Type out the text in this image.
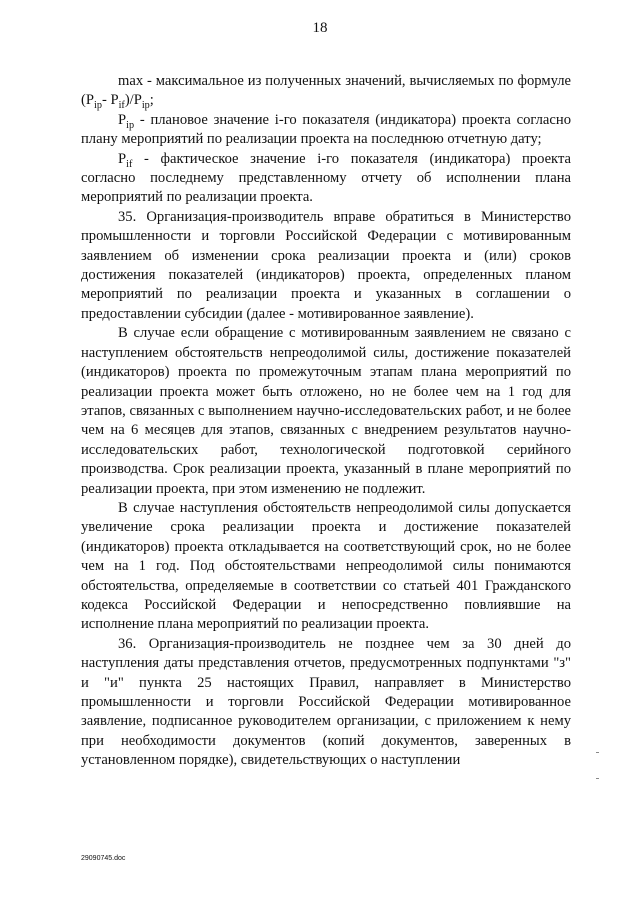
18

max - максимальное из полученных значений, вычисляемых по формуле ($P_{ip}-$ $P_{if})/P_{ip}$;

$P_{ip}$ - плановое значение i-го показателя (индикатора) проекта согласно плану мероприятий по реализации проекта на последнюю отчетную дату;

$P_{if}$ - фактическое значение i-го показателя (индикатора) проекта согласно последнему представленному отчету об исполнении плана мероприятий по реализации проекта.

35. Организация-производитель вправе обратиться в Министерство промышленности и торговли Российской Федерации с мотивированным заявлением об изменении срока реализации проекта и (или) сроков достижения показателей (индикаторов) проекта, определенных планом мероприятий по реализации проекта и указанных в соглашении о предоставлении субсидии (далее - мотивированное заявление).

В случае если обращение с мотивированным заявлением не связано с наступлением обстоятельств непреодолимой силы, достижение показателей (индикаторов) проекта по промежуточным этапам плана мероприятий по реализации проекта может быть отложено, но не более чем на 1 год для этапов, связанных с выполнением научно-исследовательских работ, и не более чем на 6 месяцев для этапов, связанных с внедрением результатов научно-исследовательских работ, технологической подготовкой серийного производства. Срок реализации проекта, указанный в плане мероприятий по реализации проекта, при этом изменению не подлежит.

В случае наступления обстоятельств непреодолимой силы допускается увеличение срока реализации проекта и достижение показателей (индикаторов) проекта откладывается на соответствующий срок, но не более чем на 1 год. Под обстоятельствами непреодолимой силы понимаются обстоятельства, определяемые в соответствии со статьей 401 Гражданского кодекса Российской Федерации и непосредственно повлиявшие на исполнение плана мероприятий по реализации проекта.

36. Организация-производитель не позднее чем за 30 дней до наступления даты представления отчетов, предусмотренных подпунктами "з" и "и" пункта 25 настоящих Правил, направляет в Министерство промышленности и торговли Российской Федерации мотивированное заявление, подписанное руководителем организации, с приложением к нему при необходимости документов (копий документов, заверенных в установленном порядке), свидетельствующих о наступлении

29090745.doc
